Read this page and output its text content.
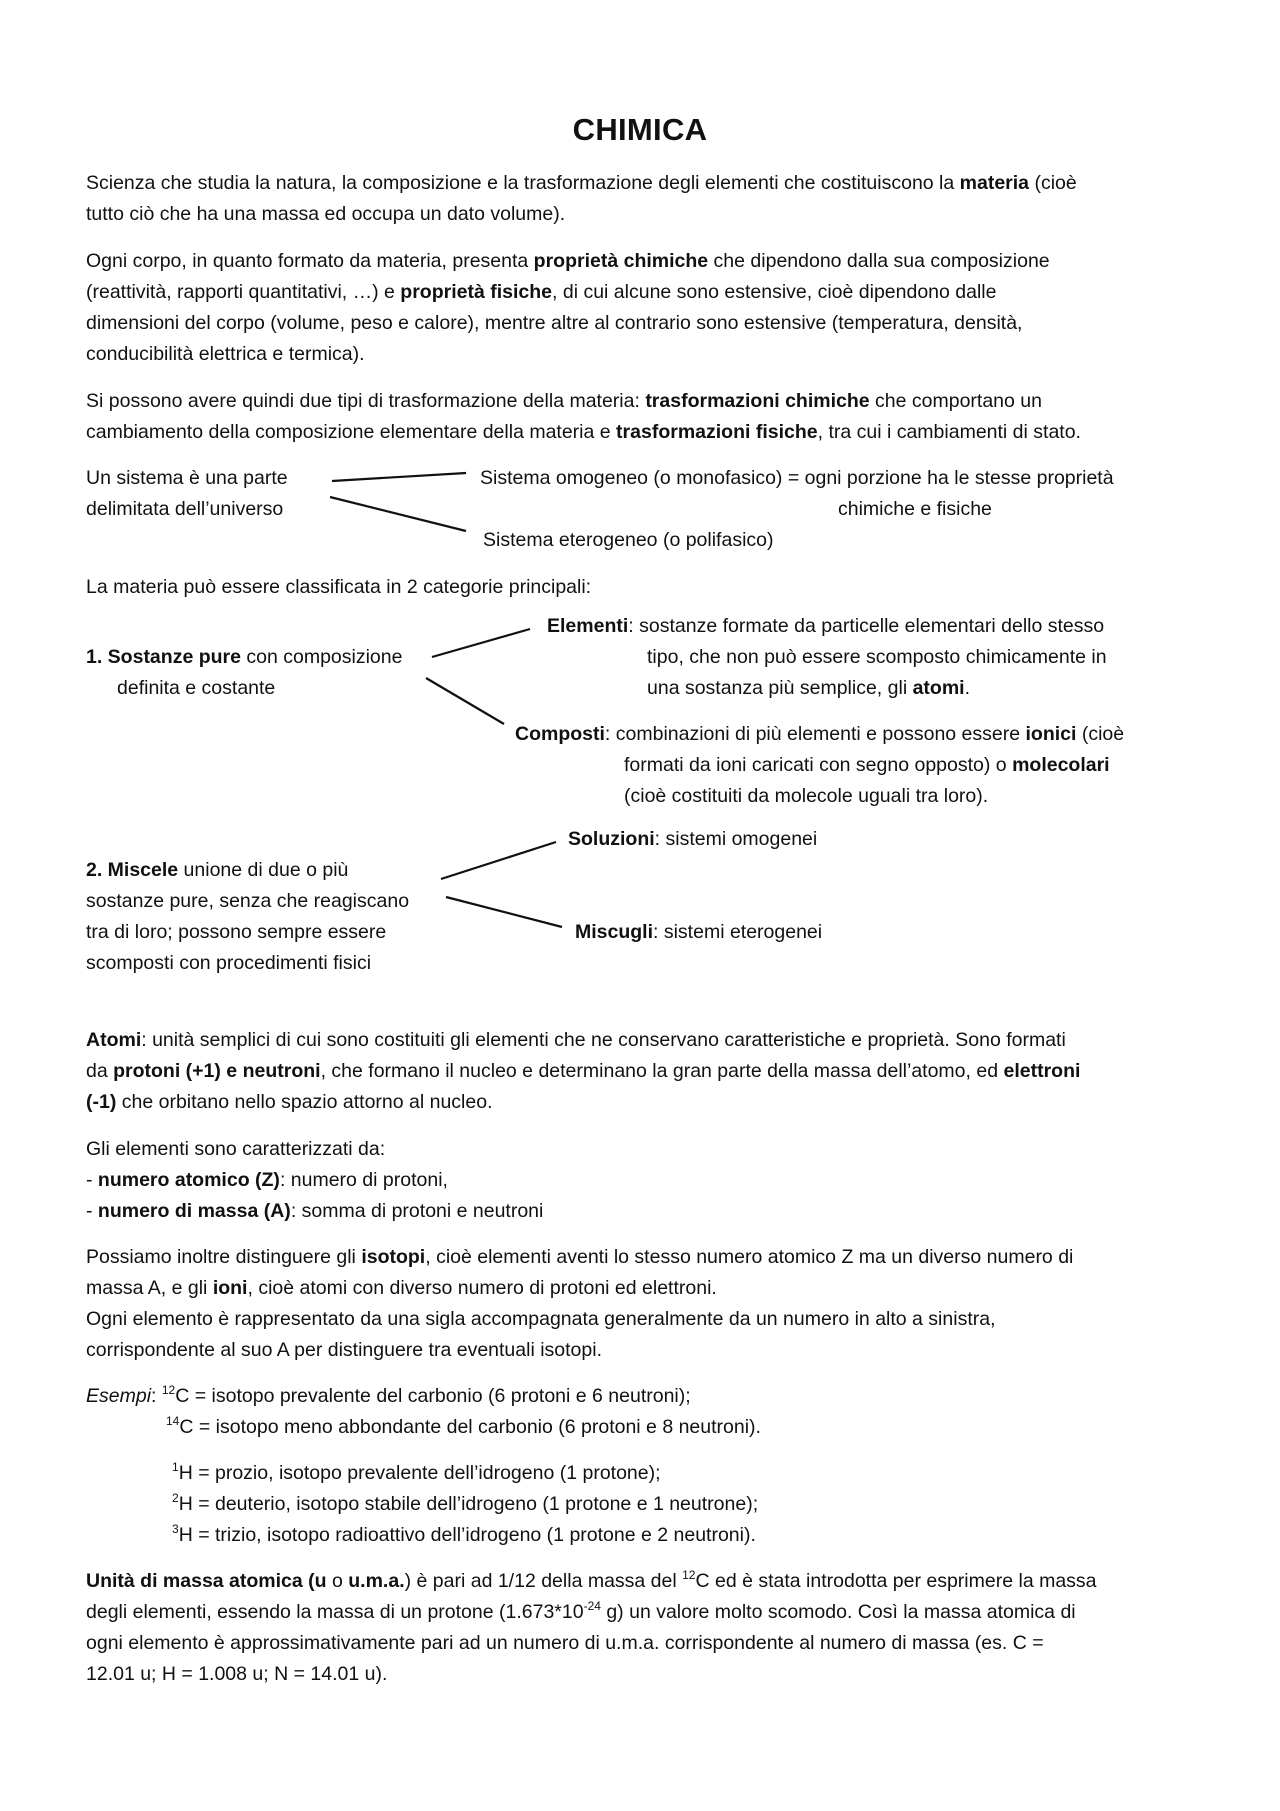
CHIMICA
Scienza che studia la natura, la composizione e la trasformazione degli elementi che costituiscono la materia (cioè
tutto ciò che ha una massa ed occupa un dato volume).
Ogni corpo, in quanto formato da materia, presenta proprietà chimiche che dipendono dalla sua composizione
(reattività, rapporti quantitativi, …) e proprietà fisiche, di cui alcune sono estensive, cioè dipendono dalle
dimensioni del corpo (volume, peso e calore), mentre altre al contrario sono estensive (temperatura, densità,
conducibilità elettrica e termica).
Si possono avere quindi due tipi di trasformazione della materia: trasformazioni chimiche che comportano un
cambiamento della composizione elementare della materia e trasformazioni fisiche, tra cui i cambiamenti di stato.
Un sistema è una parte
delimitata dell’universo
Sistema omogeneo (o monofasico) = ogni porzione ha le stesse proprietà
chimiche e fisiche
Sistema eterogeneo (o polifasico)
La materia può essere classificata in 2 categorie principali:
1. Sostanze pure con composizione
definita e costante
Elementi: sostanze formate da particelle elementari dello stesso
tipo, che non può essere scomposto chimicamente in
una sostanza più semplice, gli atomi.
Composti: combinazioni di più elementi e possono essere ionici (cioè
formati da ioni caricati con segno opposto) o molecolari
(cioè costituiti da molecole uguali tra loro).
2. Miscele unione di due o più
sostanze pure, senza che reagiscano
tra di loro; possono sempre essere
scomposti con procedimenti fisici
Soluzioni: sistemi omogenei
Miscugli: sistemi eterogenei
Atomi: unità semplici di cui sono costituiti gli elementi che ne conservano caratteristiche e proprietà. Sono formati
da protoni (+1) e neutroni, che formano il nucleo e determinano la gran parte della massa dell’atomo, ed elettroni
(-1) che orbitano nello spazio attorno al nucleo.
Gli elementi sono caratterizzati da:
- numero atomico (Z): numero di protoni,
- numero di massa (A): somma di protoni e neutroni
Possiamo inoltre distinguere gli isotopi, cioè elementi aventi lo stesso numero atomico Z ma un diverso numero di
massa A, e gli ioni, cioè atomi con diverso numero di protoni ed elettroni.
Ogni elemento è rappresentato da una sigla accompagnata generalmente da un numero in alto a sinistra,
corrispondente al suo A per distinguere tra eventuali isotopi.
Esempi: $^{12}$C = isotopo prevalente del carbonio (6 protoni e 6 neutroni);
$^{14}$C = isotopo meno abbondante del carbonio (6 protoni e 8 neutroni).
$^1$H = prozio, isotopo prevalente dell’idrogeno (1 protone);
$^2$H = deuterio, isotopo stabile dell’idrogeno (1 protone e 1 neutrone);
$^3$H = trizio, isotopo radioattivo dell’idrogeno (1 protone e 2 neutroni).
Unità di massa atomica (u o u.m.a.) è pari ad 1/12 della massa del $^{12}$C ed è stata introdotta per esprimere la massa
degli elementi, essendo la massa di un protone ($1.673*10^{-24}$ g) un valore molto scomodo. Così la massa atomica di
ogni elemento è approssimativamente pari ad un numero di u.m.a. corrispondente al numero di massa (es. C =
12.01 u; H = 1.008 u; N = 14.01 u).
